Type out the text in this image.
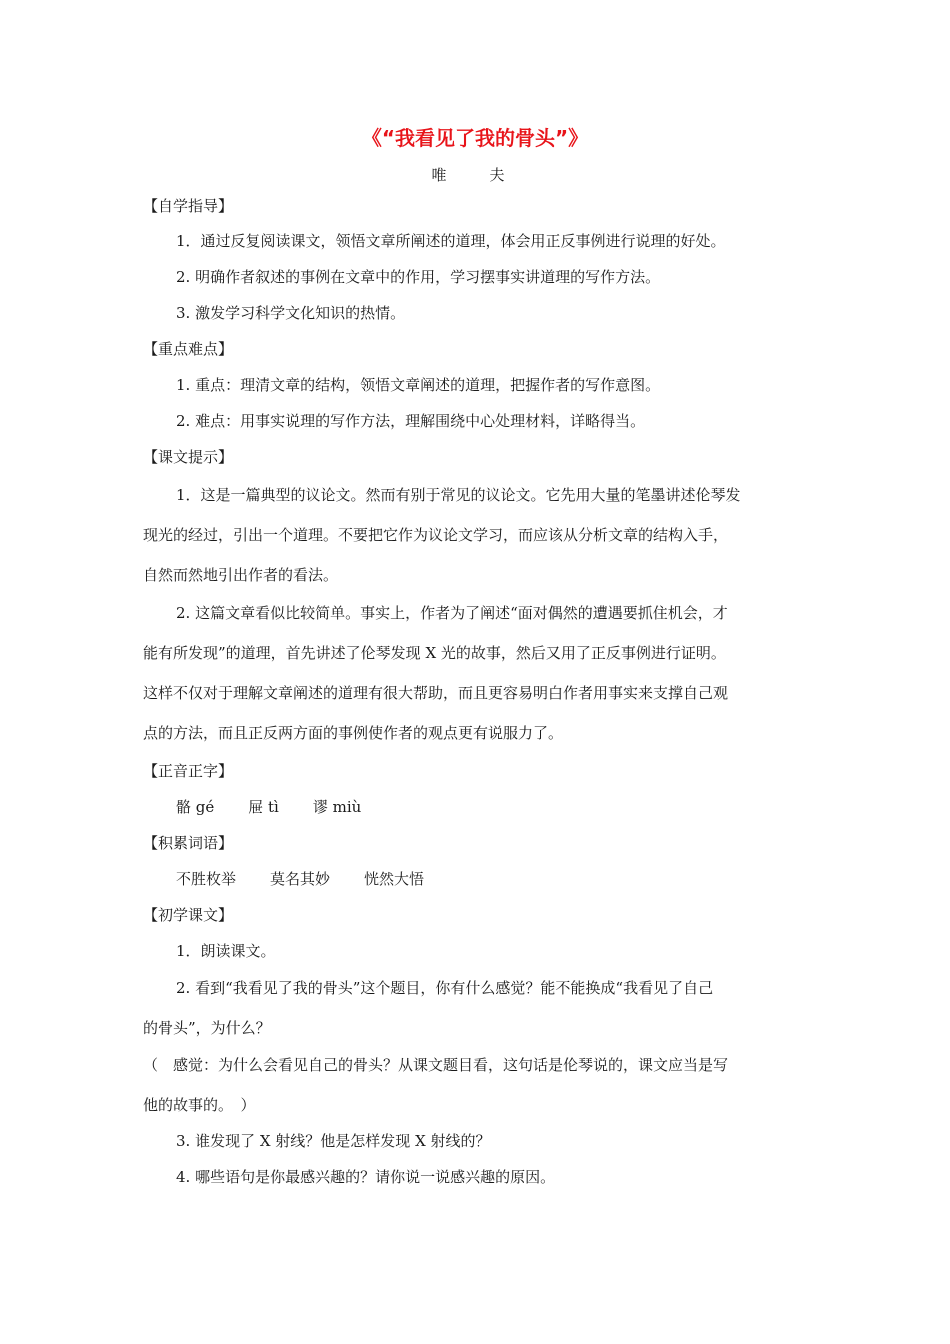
《“我看见了我的骨头”》
唯　夫
【自学指导】
1．通过反复阅读课文，领悟文章所阐述的道理，体会用正反事例进行说理的好处。
2. 明确作者叙述的事例在文章中的作用，学习摆事实讲道理的写作方法。
3. 激发学习科学文化知识的热情。
【重点难点】
1. 重点：理清文章的结构，领悟文章阐述的道理，把握作者的写作意图。
2. 难点：用事实说理的写作方法，理解围绕中心处理材料，详略得当。
【课文提示】
1．这是一篇典型的议论文。然而有别于常见的议论文。它先用大量的笔墨讲述伦琴发
现光的经过，引出一个道理。不要把它作为议论文学习，而应该从分析文章的结构入手，
自然而然地引出作者的看法。
2. 这篇文章看似比较简单。事实上，作者为了阐述“面对偶然的遭遇要抓住机会，才
能有所发现”的道理，首先讲述了伦琴发现 X 光的故事，然后又用了正反事例进行证明。
这样不仅对于理解文章阐述的道理有很大帮助，而且更容易明白作者用事实来支撑自己观
点的方法，而且正反两方面的事例使作者的观点更有说服力了。
【正音正字】
骼 gé 屉 tì 谬 miù
【积累词语】
不胜枚举 莫名其妙 恍然大悟
【初学课文】
1．朗读课文。
2. 看到“我看见了我的骨头”这个题目，你有什么感觉？能不能换成“我看见了自己
的骨头”，为什么？
（　感觉：为什么会看见自己的骨头？从课文题目看，这句话是伦琴说的，课文应当是写
他的故事的。　）
3. 谁发现了 X 射线？他是怎样发现 X 射线的？
4. 哪些语句是你最感兴趣的？请你说一说感兴趣的原因。
